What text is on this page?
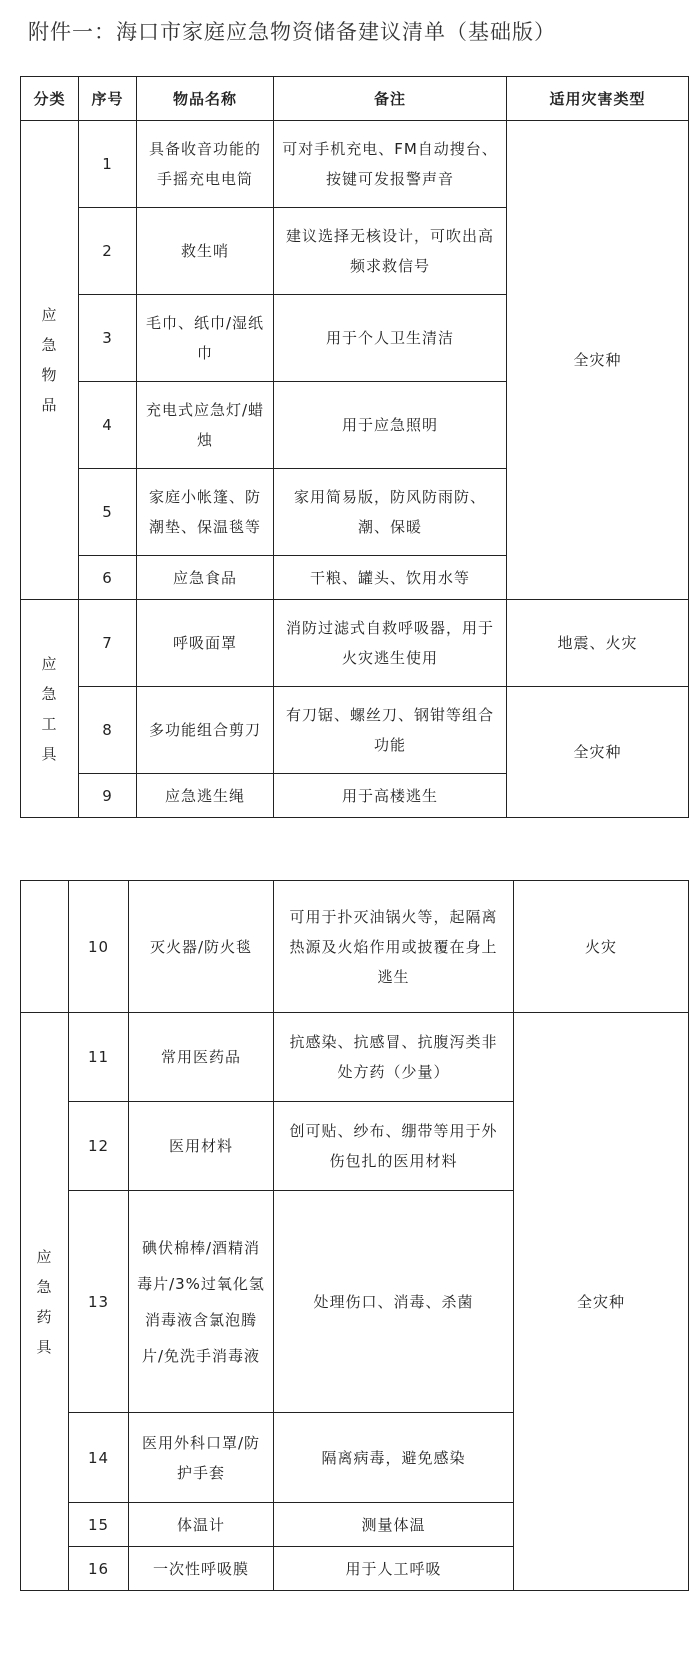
附件一：海口市家庭应急物资储备建议清单（基础版）
分类	序号	物品名称	备注	适用灾害类型
应急物品	1	具备收音功能的手摇充电电筒	可对手机充电、FM自动搜台、按键可发报警声音	全灾种
	2	救生哨	建议选择无核设计，可吹出高频求救信号	
	3	毛巾、纸巾/湿纸巾	用于个人卫生清洁	
	4	充电式应急灯/蜡烛	用于应急照明	
	5	家庭小帐篷、防潮垫、保温毯等	家用简易版，防风防雨防、潮、保暖	
	6	应急食品	干粮、罐头、饮用水等	
应急工具	7	呼吸面罩	消防过滤式自救呼吸器，用于火灾逃生使用	地震、火灾
	8	多功能组合剪刀	有刀锯、螺丝刀、钢钳等组合功能	全灾种
	9	应急逃生绳	用于高楼逃生	
	10	灭火器/防火毯	可用于扑灭油锅火等，起隔离热源及火焰作用或披覆在身上逃生	火灾
应急药具	11	常用医药品	抗感染、抗感冒、抗腹泻类非处方药（少量）	全灾种
	12	医用材料	创可贴、纱布、绷带等用于外伤包扎的医用材料	
	13	碘伏棉棒/酒精消毒片/3%过氧化氢消毒液含氯泡腾片/免洗手消毒液	处理伤口、消毒、杀菌	
	14	医用外科口罩/防护手套	隔离病毒，避免感染	
	15	体温计	测量体温	
	16	一次性呼吸膜	用于人工呼吸	
